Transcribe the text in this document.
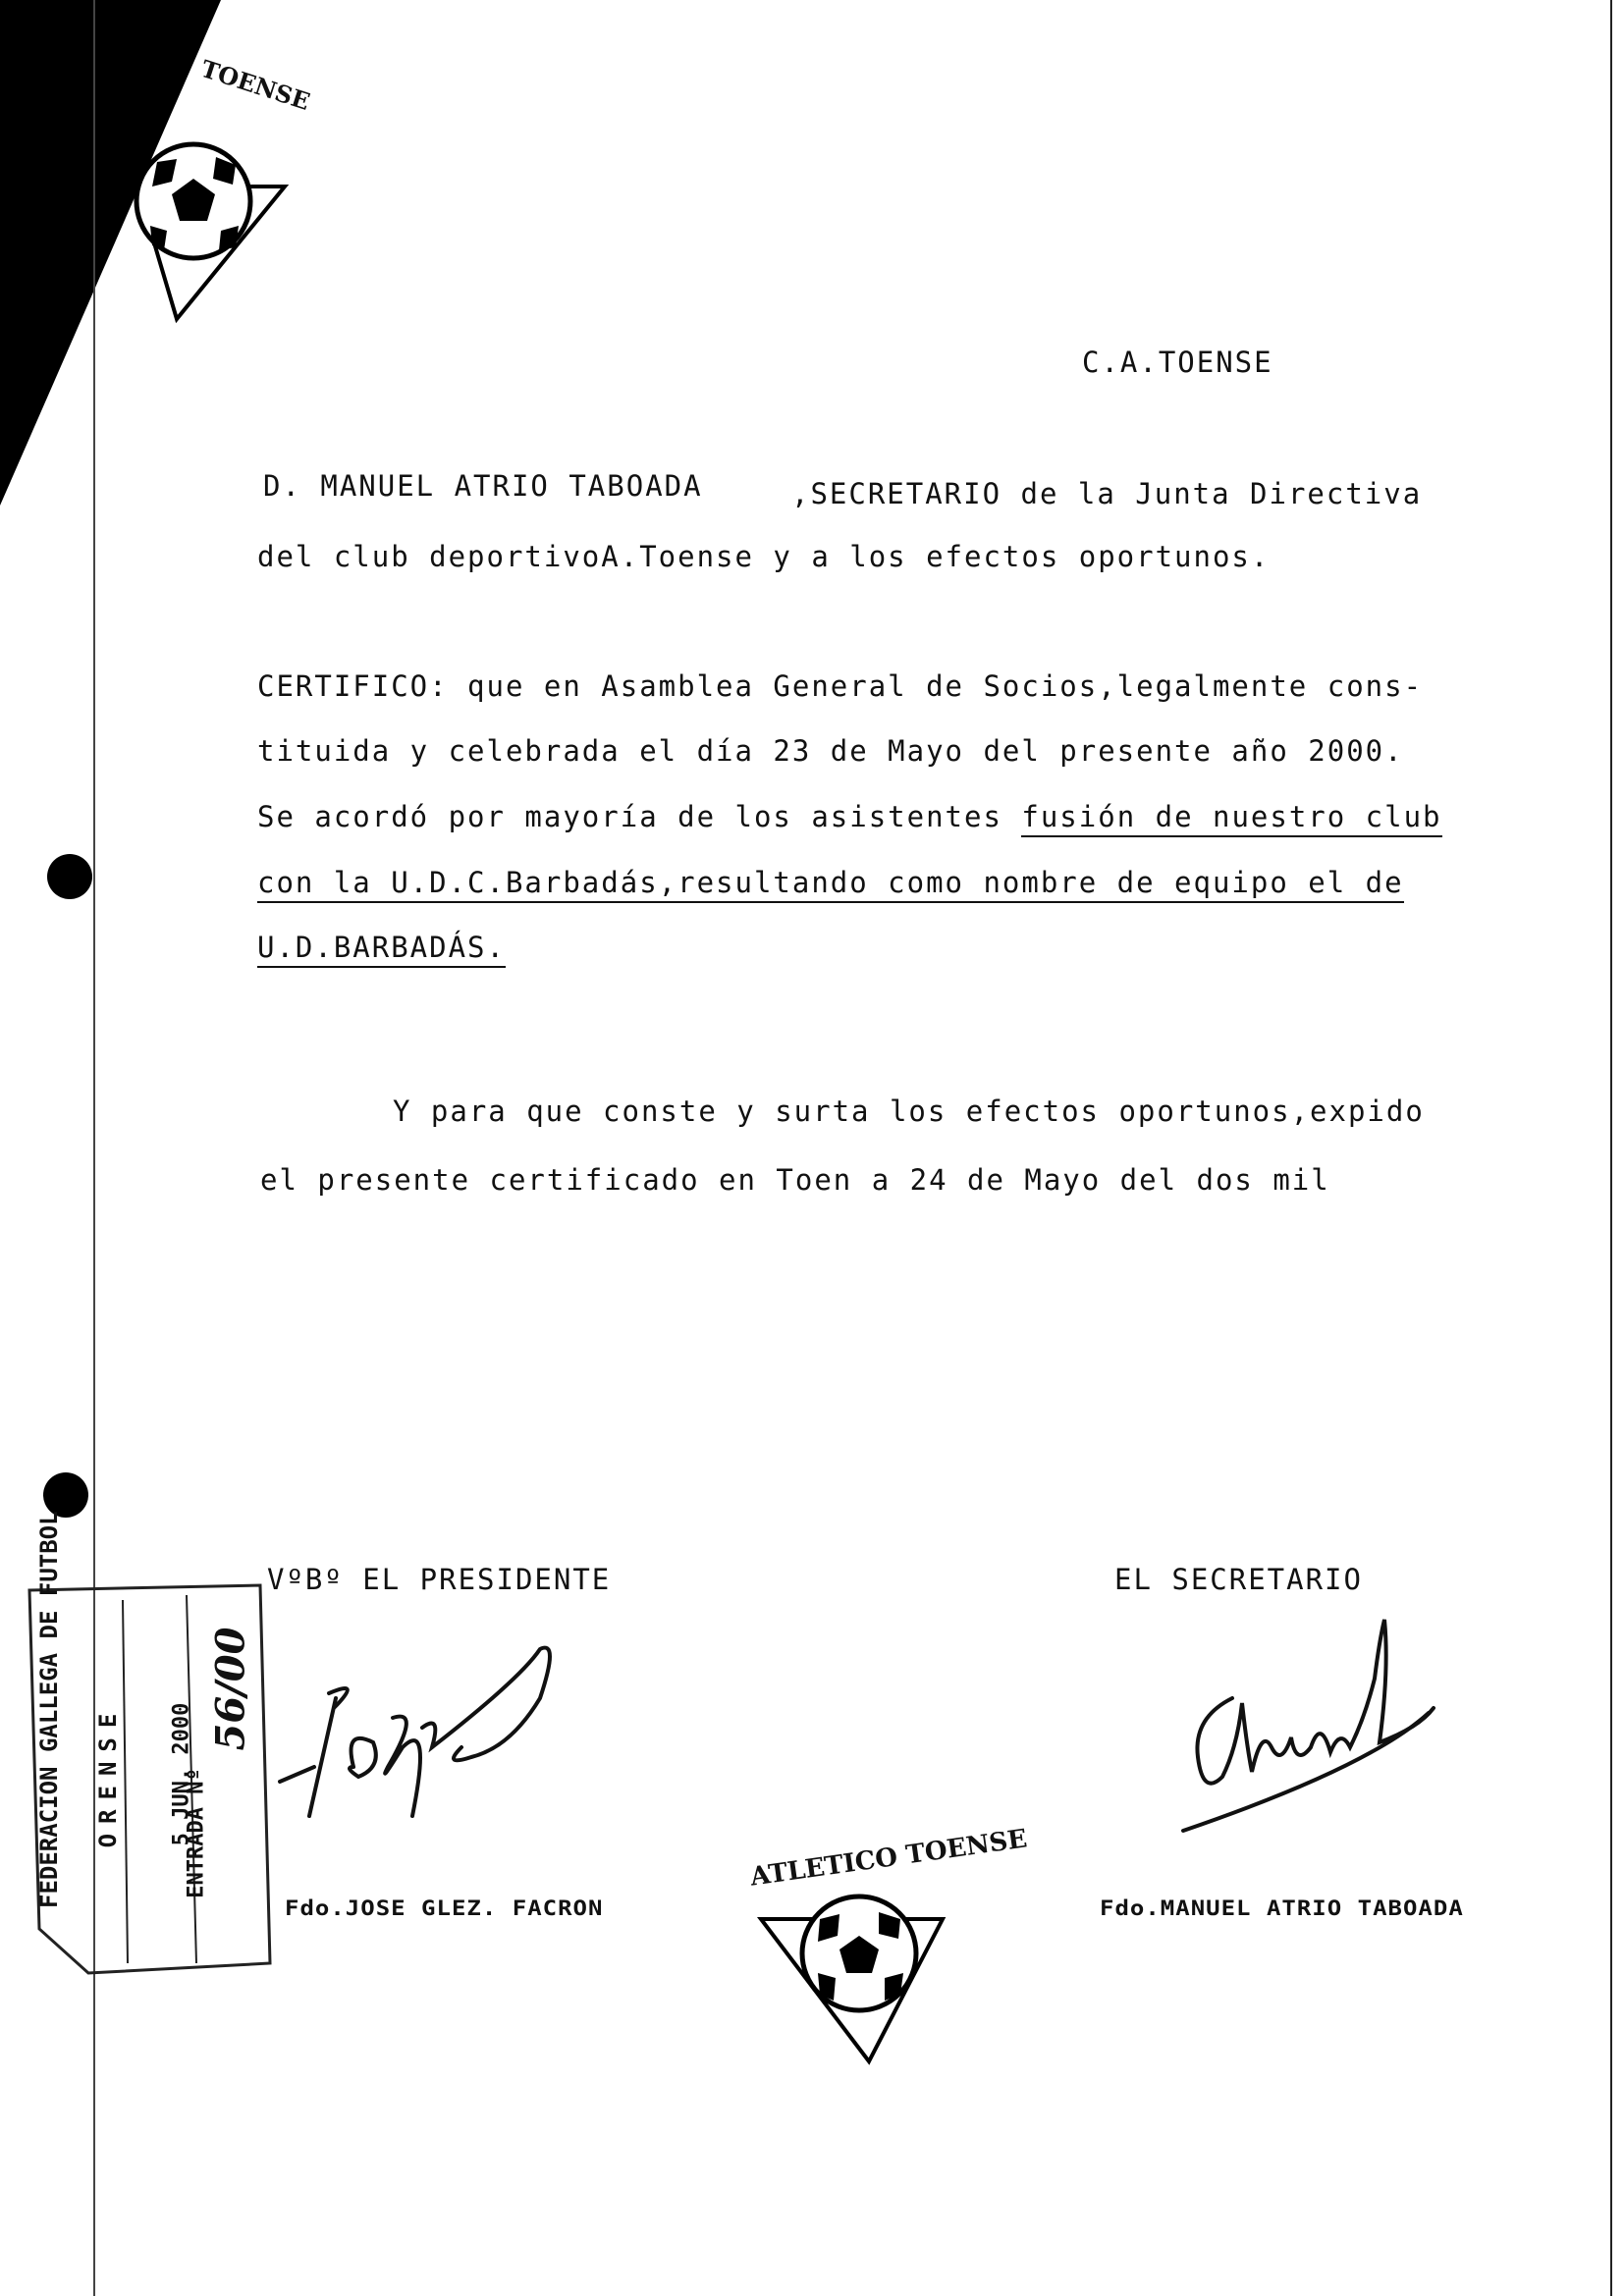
TOENSE
C.A.TOENSE
D. MANUEL ATRIO TABOADA	,SECRETARIO de la Junta Directiva
del club deportivoA.Toense y a los efectos oportunos.
CERTIFICO: que en Asamblea General de Socios,legalmente cons-
tituida y celebrada el día 23 de Mayo del presente año 2000.
Se acordó por mayoría de los asistentes fusión de nuestro club
con la U.D.C.Barbadás,resultando como nombre de equipo el de
U.D.BARBADÁS.
Y para que conste y surta los efectos oportunos,expido
el presente certificado en Toen a 24 de Mayo del dos mil
VºBº EL PRESIDENTE	EL SECRETARIO
Fdo.JOSE GLEZ. FACRON	Fdo.MANUEL ATRIO TABOADA
FEDERACION GALLEGA DE FUTBOL ORENSE 5 JUN. 2000
ENTRADA Nº
56/00
ATLETICO TOENSE
